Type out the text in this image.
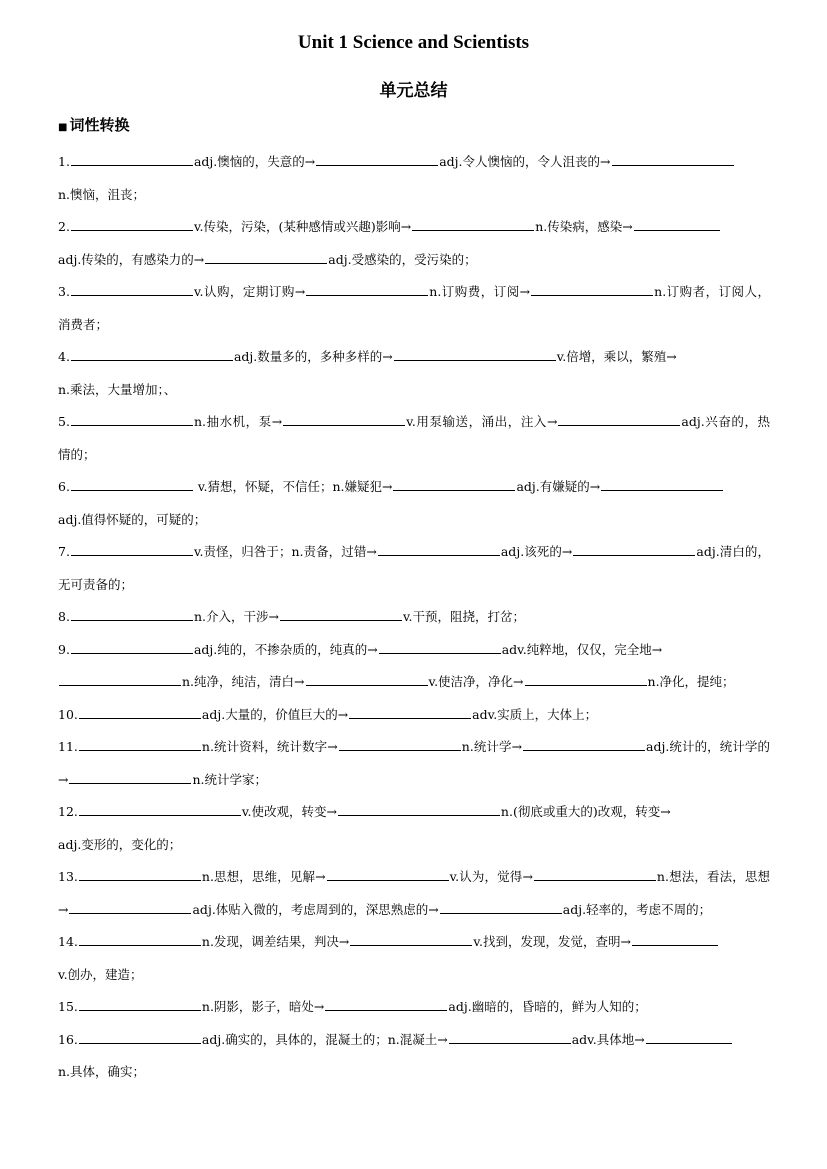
Unit 1 Science and Scientists
单元总结
■ 词性转换
1.	adj.懊恼的，失意的→	adj.令人懊恼的，令人沮丧的→
n.懊恼，沮丧；
2.	v.传染，污染，(某种感情或兴趣)影响→	n.传染病，感染→
adj.传染的，有感染力的→	adj.受感染的，受污染的；
3.	v.认购，定期订购→	n.订购费，订阅→	n.订购者，订阅人，消费者；
4.	adj.数量多的，多种多样的→	v.倍增，乘以，繁殖→
n.乘法，大量增加；、
5.	n.抽水机，泵→	v.用泵输送，涌出，注入→	adj.兴奋的，热情的；
6.	v.猜想，怀疑，不信任；n.嫌疑犯→	adj.有嫌疑的→
adj.值得怀疑的，可疑的；
7.	v.责怪，归咎于；n.责备，过错→	adj.该死的→	adj.清白的，无可责备的；
8.	n.介入，干涉→	v.干预，阻挠，打岔；
9.	adj.纯的，不掺杂质的，纯真的→	adv.纯粹地，仅仅，完全地→
n.纯净，纯洁，清白→	v.使洁净，净化→	n.净化，提纯；
10.	adj.大量的，价值巨大的→	adv.实质上，大体上；
11.	n.统计资料，统计数字→	n.统计学→	adj.统计的，统计学的→	n.统计学家；
12.	v.使改观，转变→	n.(彻底或重大的)改观，转变→
adj.变形的，变化的；
13.	n.思想，思维，见解→	v.认为，觉得→	n.想法，看法，思想→	adj.体贴入微的，考虑周到的，深思熟虑的→	adj.轻率的，考虑不周的；
14.	n.发现，调差结果，判决→	v.找到，发现，发觉，查明→
v.创办，建造；
15.	n.阴影，影子，暗处→	adj.幽暗的，昏暗的，鲜为人知的；
16.	adj.确实的，具体的，混凝土的；n.混凝土→	adv.具体地→
n.具体，确实；
